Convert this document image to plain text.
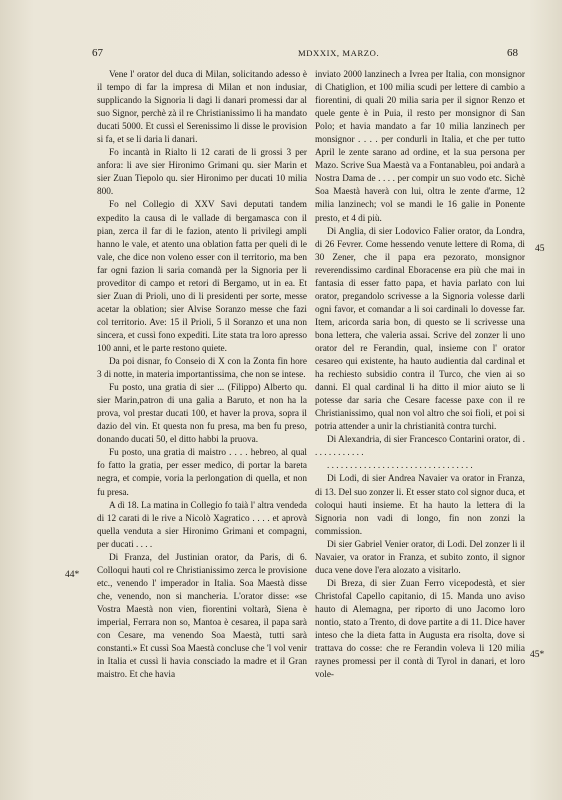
67	MDXXIX, MARZO.	68

Vene l' orator del duca di Milan, solicitando adesso è il tempo di far la impresa di Milan et non indusiar, supplicando la Signoria li dagi li danari promessi dar al suo Signor, perchè zà il re Christianissimo li ha mandato ducati 5000. Et cussì el Serenissimo li disse le provision si fa, et se li daria li danari.

Fo incantà in Rialto li 12 carati de li grossi 3 per anfora: li ave sier Hironimo Grimani qu. sier Marin et sier Zuan Tiepolo qu. sier Hironimo per ducati 10 milia 800.

Fo nel Collegio di XXV Savi deputati tandem expedito la causa di le vallade di bergamasca con il pian, zerca il far di le fazion, atento li privilegi ampli hanno le vale, et atento una oblation fatta per queli di le vale, che dice non voleno esser con il territorio, ma ben far ogni fazion li saria comandà per la Signoria per li proveditor di campo et retori di Bergamo, ut in ea. Et sier Zuan di Prioli, uno di li presidenti per sorte, messe acetar la oblation; sier Alvise Soranzo messe che fazi col territorio. Ave: 15 il Prioli, 5 il Soranzo et una non sincera, et cussì fono expediti. Lite stata tra loro apresso 100 anni, et le parte restono quiete.

Da poi disnar, fo Conseio di X con la Zonta fin hore 3 di notte, in materia importantissima, che non se intese.

Fu posto, una gratia di sier ... (Filippo) Alberto qu. sier Marin,patron di una galia a Baruto, et non ha la prova, vol prestar ducati 100, et haver la prova, sopra il dazio del vin. Et questa non fu presa, ma ben fu preso, donando ducati 50, el ditto habbi la pruova.

Fu posto, una gratia di maistro . . . . hebreo, al qual fo fatto la gratia, per esser medico, di portar la bareta negra, et compie, voria la perlongation di quella, et non fu presa.

A dì 18. La matina in Collegio fo taià l' altra vendeda di 12 carati di le rive a Nicolò Xagratico . . . . et aprovà quella venduta a sier Hironimo Grimani et compagni, per ducati . . . .

Di Franza, del Justinian orator, da Paris, di 6. Colloqui hauti col re Christianissimo zerca le provisione etc., venendo l' imperador in Italia. Soa Maestà disse che, venendo, non si mancheria. L'orator disse: «se Vostra Maestà non vien, fiorentini voltarà, Siena è imperial, Ferrara non so, Mantoa è cesarea, il papa sarà con Cesare, ma venendo Soa Maestà, tutti sarà constanti.» Et cussì Soa Maestà concluse che 'l vol venir in Italia et cussì li havia consciado la madre et il Gran maistro. Et che havia

inviato 2000 lanzinech a Ivrea per Italia, con monsignor di Chatiglion, et 100 milia scudi per lettere di cambio a fiorentini, di quali 20 milia saria per il signor Renzo et quele gente è in Puia, il resto per monsignor di San Polo; et havia mandato a far 10 milia lanzinech per monsignor . . . . per condurli in Italia, et che per tutto April le zente sarano ad ordine, et la sua persona per Mazo. Scrive Sua Maestà va a Fontanableu, poi andarà a Nostra Dama de . . . . per compir un suo vodo etc. Sichè Soa Maestà haverà con lui, oltra le zente d'arme, 12 milia lanzinech; vol se mandi le 16 galie in Ponente presto, et 4 di più.

Di Anglia, di sier Lodovico Falier orator, da Londra, di 26 Fevrer. Come hessendo venute lettere di Roma, di 30 Zener, che il papa era pezorato, monsignor reverendissimo cardinal Eboracense era più che mai in fantasia di esser fatto papa, et havia parlato con lui orator, pregandolo scrivesse a la Signoria volesse darli ogni favor, et comandar a li soi cardinali lo dovesse far. Item, aricorda saria bon, di questo se li scrivesse una bona lettera, che valeria assai. Scrive del zonzer li uno orator del re Ferandin, qual, insieme con l' orator cesareo qui existente, ha hauto audientia dal cardinal et ha rechiesto subsidio contra il Turco, che vien ai so danni. El qual cardinal li ha ditto il mior aiuto se li potesse dar saria che Cesare facesse paxe con il re Christianissimo, qual non vol altro che soi fioli, et poi si potria attender a unir la christianità contra turchi.

Di Alexandria, di sier Francesco Contarini orator, di . . . . . . . . . . . .

. . . . . . . . . . . . . . . . . . . . . . . . . . . . . . . .

Di Lodi, di sier Andrea Navaier va orator in Franza, di 13. Del suo zonzer li. Et esser stato col signor duca, et coloqui hauti insieme. Et ha hauto la lettera di la Signoria non vadi di longo, fin non zonzi la commission.

Di sier Gabriel Venier orator, di Lodi. Del zonzer li il Navaier, va orator in Franza, et subito zonto, il signor duca vene dove l'era alozato a visitarlo.

Di Breza, di sier Zuan Ferro vicepodestà, et sier Christofal Capello capitanio, di 15. Manda uno aviso hauto di Alemagna, per riporto di uno Jacomo loro nontio, stato a Trento, di dove partite a di 11. Dice haver inteso che la dieta fatta in Augusta era risolta, dove si trattava do cosse: che re Ferandin voleva li 120 milia raynes promessi per il contà di Tyrol in danari, et loro vole-

44*
45
45*
